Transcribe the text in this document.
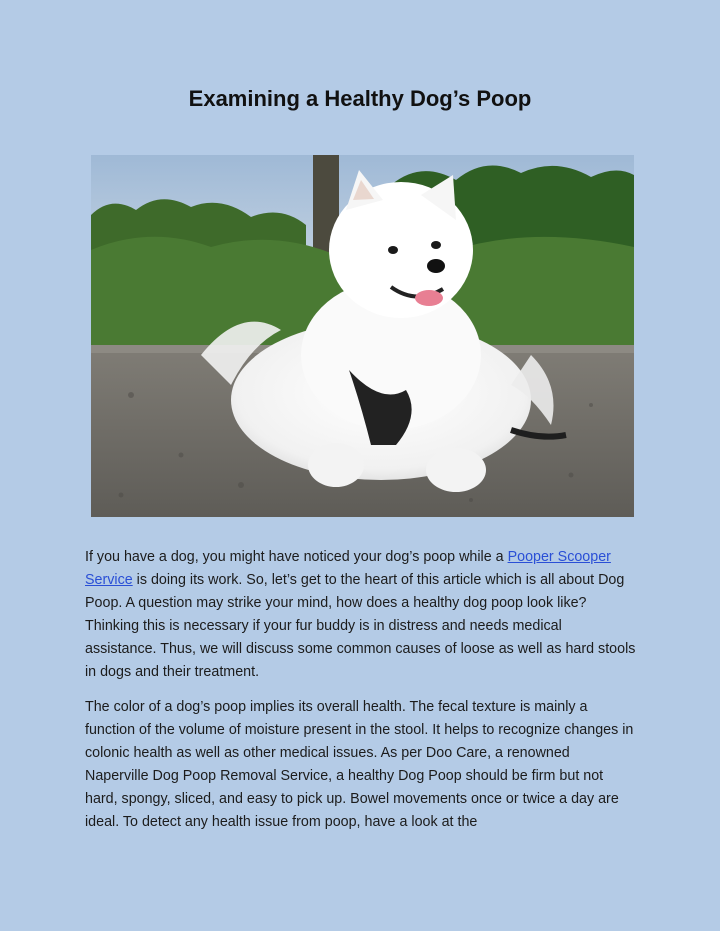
Examining a Healthy Dog’s Poop

If you have a dog, you might have noticed your dog’s poop while a Pooper Scooper Service is doing its work. So, let’s get to the heart of this article which is all about Dog Poop. A question may strike your mind, how does a healthy dog poop look like? Thinking this is necessary if your fur buddy is in distress and needs medical assistance. Thus, we will discuss some common causes of loose as well as hard stools in dogs and their treatment.

The color of a dog’s poop implies its overall health. The fecal texture is mainly a function of the volume of moisture present in the stool. It helps to recognize changes in colonic health as well as other medical issues. As per Doo Care, a renowned Naperville Dog Poop Removal Service, a healthy Dog Poop should be firm but not hard, spongy, sliced, and easy to pick up. Bowel movements once or twice a day are ideal. To detect any health issue from poop, have a look at the
